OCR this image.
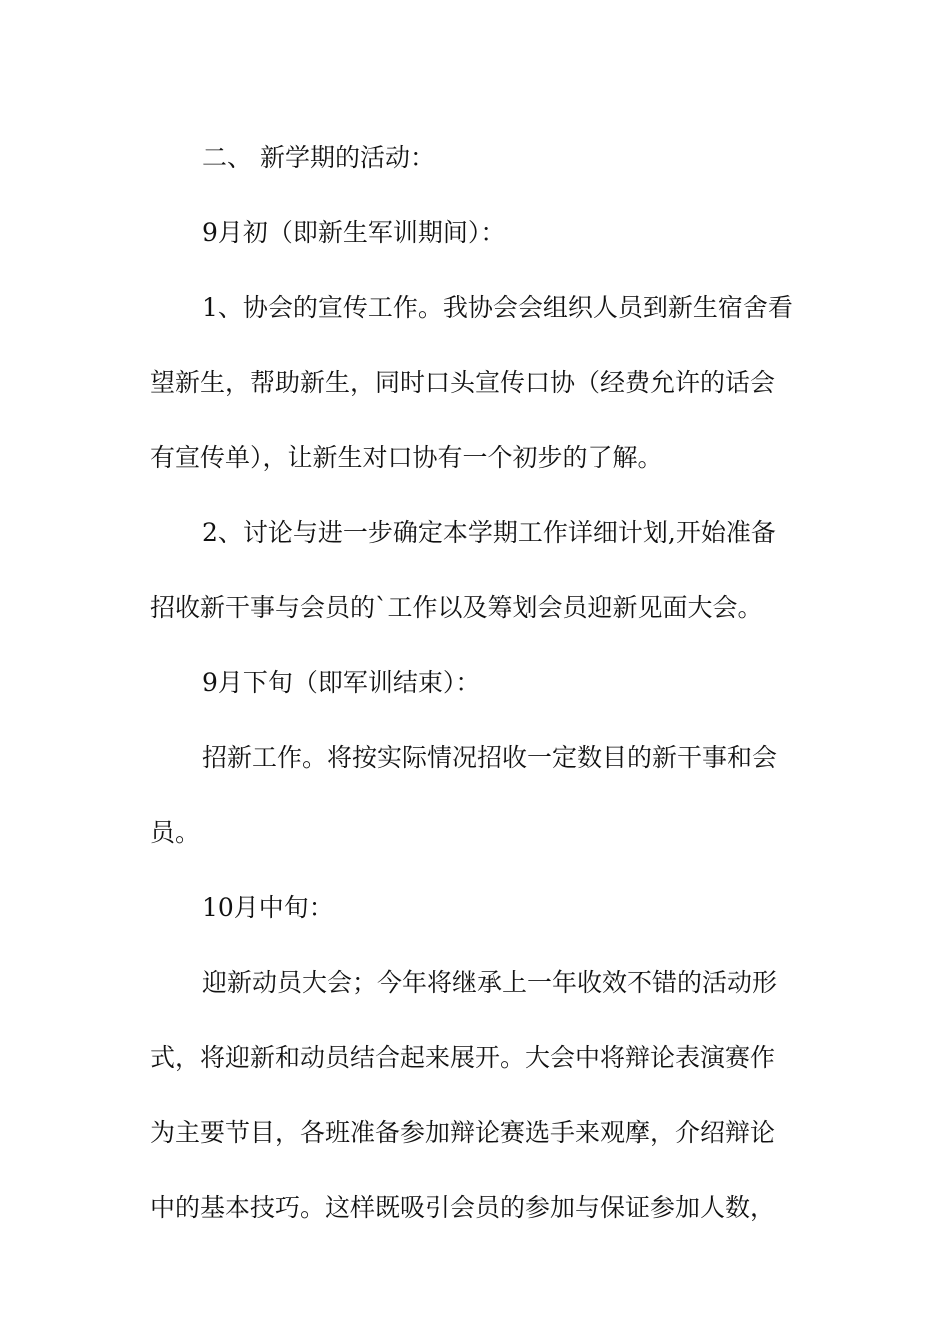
二、 新学期的活动：
9月初（即新生军训期间）：
1、协会的宣传工作。我协会会组织人员到新生宿舍看
望新生，帮助新生，同时口头宣传口协（经费允许的话会
有宣传单），让新生对口协有一个初步的了解。
2、讨论与进一步确定本学期工作详细计划,开始准备
招收新干事与会员的`工作以及筹划会员迎新见面大会。
9月下旬（即军训结束）：
招新工作。将按实际情况招收一定数目的新干事和会
员。
10月中旬：
迎新动员大会；今年将继承上一年收效不错的活动形
式，将迎新和动员结合起来展开。大会中将辩论表演赛作
为主要节目，各班准备参加辩论赛选手来观摩，介绍辩论
中的基本技巧。这样既吸引会员的参加与保证参加人数，
